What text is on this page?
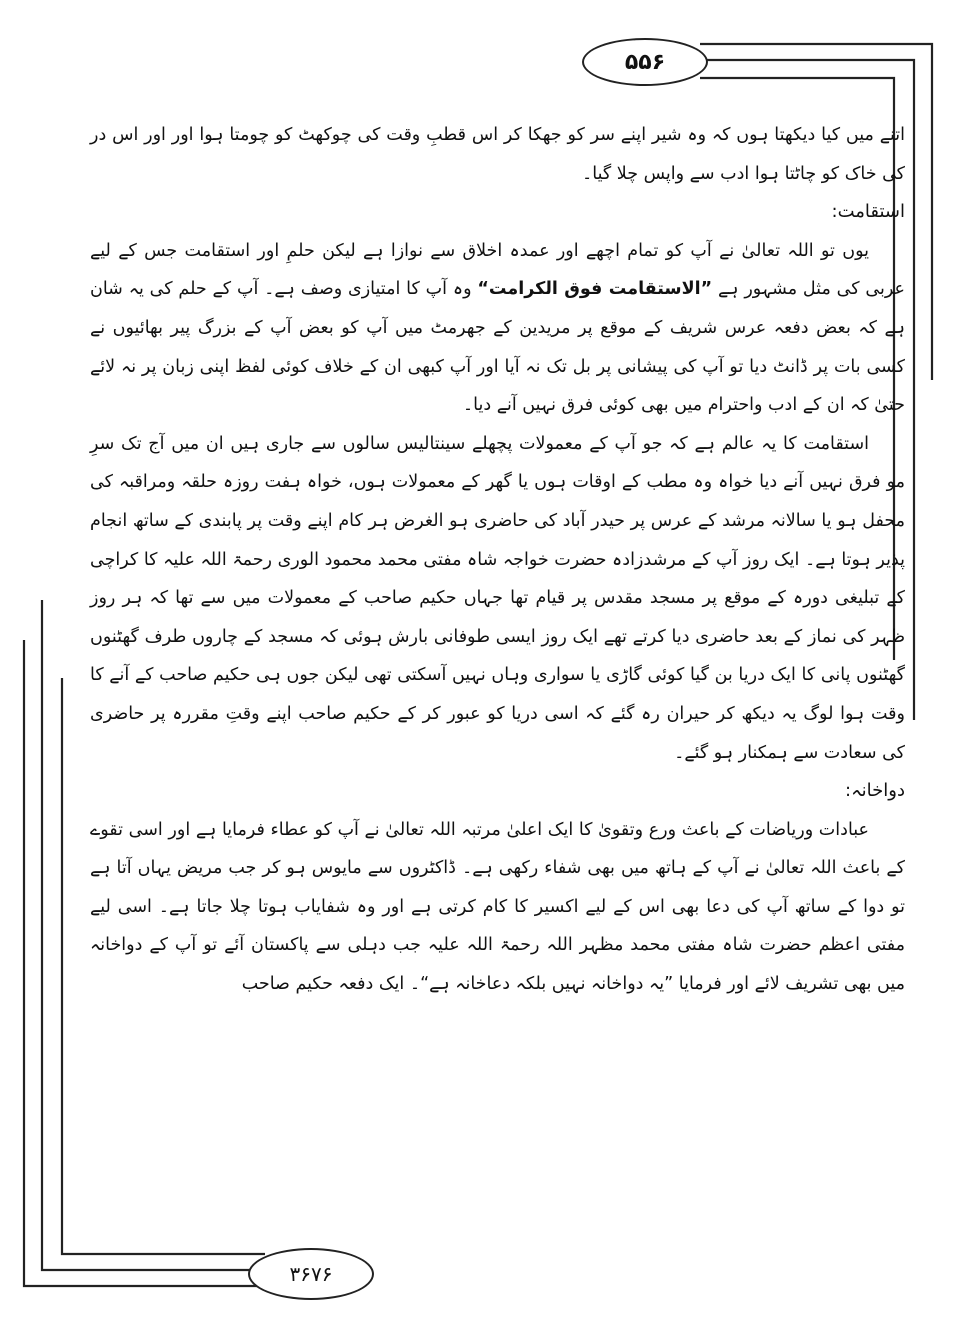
۵۵۶
۳۶۷۶

اتنے میں کیا دیکھتا ہوں کہ وہ شیر اپنے سر کو جھکا کر اس قطبِ وقت کی چوکھٹ کو چومتا ہوا اور اور اس در کی خاک کو چاٹتا ہوا ادب سے واپس چلا گیا۔

استقامت:

یوں تو اللہ تعالیٰ نے آپ کو تمام اچھے اور عمدہ اخلاق سے نوازا ہے لیکن حلمِ اور استقامت جس کے لیے عربی کی مثل مشہور ہے ”الاستقامت فوق الکرامت“ وہ آپ کا امتیازی وصف ہے۔ آپ کے حلم کی یہ شان ہے کہ بعض دفعہ عرس شریف کے موقع پر مریدین کے جھرمٹ میں آپ کو بعض آپ کے بزرگ پیر بھائیوں نے کسی بات پر ڈانٹ دیا تو آپ کی پیشانی پر بل تک نہ آیا اور آپ کبھی ان کے خلاف کوئی لفظ اپنی زبان پر نہ لائے حتیٰ کہ ان کے ادب واحترام میں بھی کوئی فرق نہیں آنے دیا۔

استقامت کا یہ عالم ہے کہ جو آپ کے معمولات پچھلے سینتالیس سالوں سے جاری ہیں ان میں آج تک سرِ مو فرق نہیں آنے دیا خواہ وہ مطب کے اوقات ہوں یا گھر کے معمولات ہوں، خواہ ہفت روزہ حلقہ ومراقبہ کی محفل ہو یا سالانہ مرشد کے عرس پر حیدر آباد کی حاضری ہو الغرض ہر کام اپنے وقت پر پابندی کے ساتھ انجام پذیر ہوتا ہے۔ ایک روز آپ کے مرشدزادہ حضرت خواجہ شاہ مفتی محمد محمود الوری رحمۃ اللہ علیہ کا کراچی کے تبلیغی دورہ کے موقع پر مسجد مقدس پر قیام تھا جہاں حکیم صاحب کے معمولات میں سے تھا کہ ہر روز ظہر کی نماز کے بعد حاضری دیا کرتے تھے ایک روز ایسی طوفانی بارش ہوئی کہ مسجد کے چاروں طرف گھٹنوں گھٹنوں پانی کا ایک دریا بن گیا کوئی گاڑی یا سواری وہاں نہیں آسکتی تھی لیکن جوں ہی حکیم صاحب کے آنے کا وقت ہوا لوگ یہ دیکھ کر حیران رہ گئے کہ اسی دریا کو عبور کر کے حکیم صاحب اپنے وقتِ مقررہ پر حاضری کی سعادت سے ہمکنار ہو گئے۔

دواخانہ:

عبادات وریاضات کے باعث ورع وتقویٰ کا ایک اعلیٰ مرتبہ اللہ تعالیٰ نے آپ کو عطاء فرمایا ہے اور اسی تقوے کے باعث اللہ تعالیٰ نے آپ کے ہاتھ میں بھی شفاء رکھی ہے۔ ڈاکٹروں سے مایوس ہو کر جب مریض یہاں آتا ہے تو دوا کے ساتھ آپ کی دعا بھی اس کے لیے اکسیر کا کام کرتی ہے اور وہ شفایاب ہوتا چلا جاتا ہے۔ اسی لیے مفتی اعظم حضرت شاہ مفتی محمد مظہر اللہ رحمۃ اللہ علیہ جب دہلی سے پاکستان آئے تو آپ کے دواخانہ میں بھی تشریف لائے اور فرمایا ”یہ دواخانہ نہیں بلکہ دعاخانہ ہے“۔ ایک دفعہ حکیم صاحب
